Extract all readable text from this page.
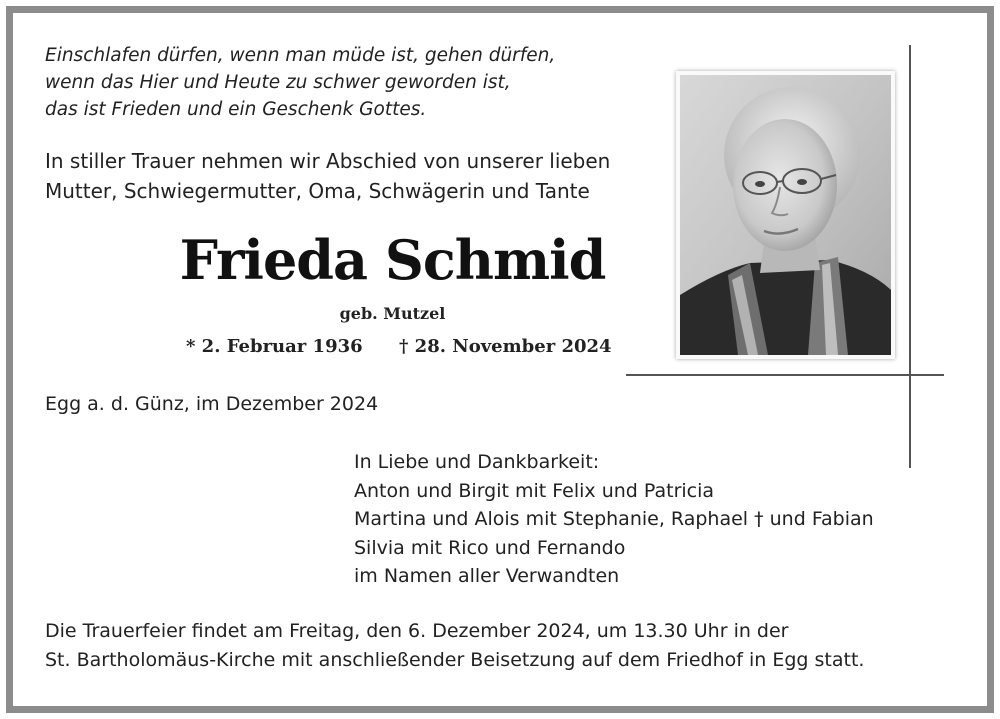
Einschlafen dürfen, wenn man müde ist, gehen dürfen,
wenn das Hier und Heute zu schwer geworden ist,
das ist Frieden und ein Geschenk Gottes.
In stiller Trauer nehmen wir Abschied von unserer lieben
Mutter, Schwiegermutter, Oma, Schwägerin und Tante
Frieda Schmid
geb. Mutzel
* 2. Februar 1936 † 28. November 2024
Egg a. d. Günz, im Dezember 2024
In Liebe und Dankbarkeit:
Anton und Birgit mit Felix und Patricia
Martina und Alois mit Stephanie, Raphael † und Fabian
Silvia mit Rico und Fernando
im Namen aller Verwandten
Die Trauerfeier findet am Freitag, den 6. Dezember 2024, um 13.30 Uhr in der
St. Bartholomäus-Kirche mit anschließender Beisetzung auf dem Friedhof in Egg statt.
